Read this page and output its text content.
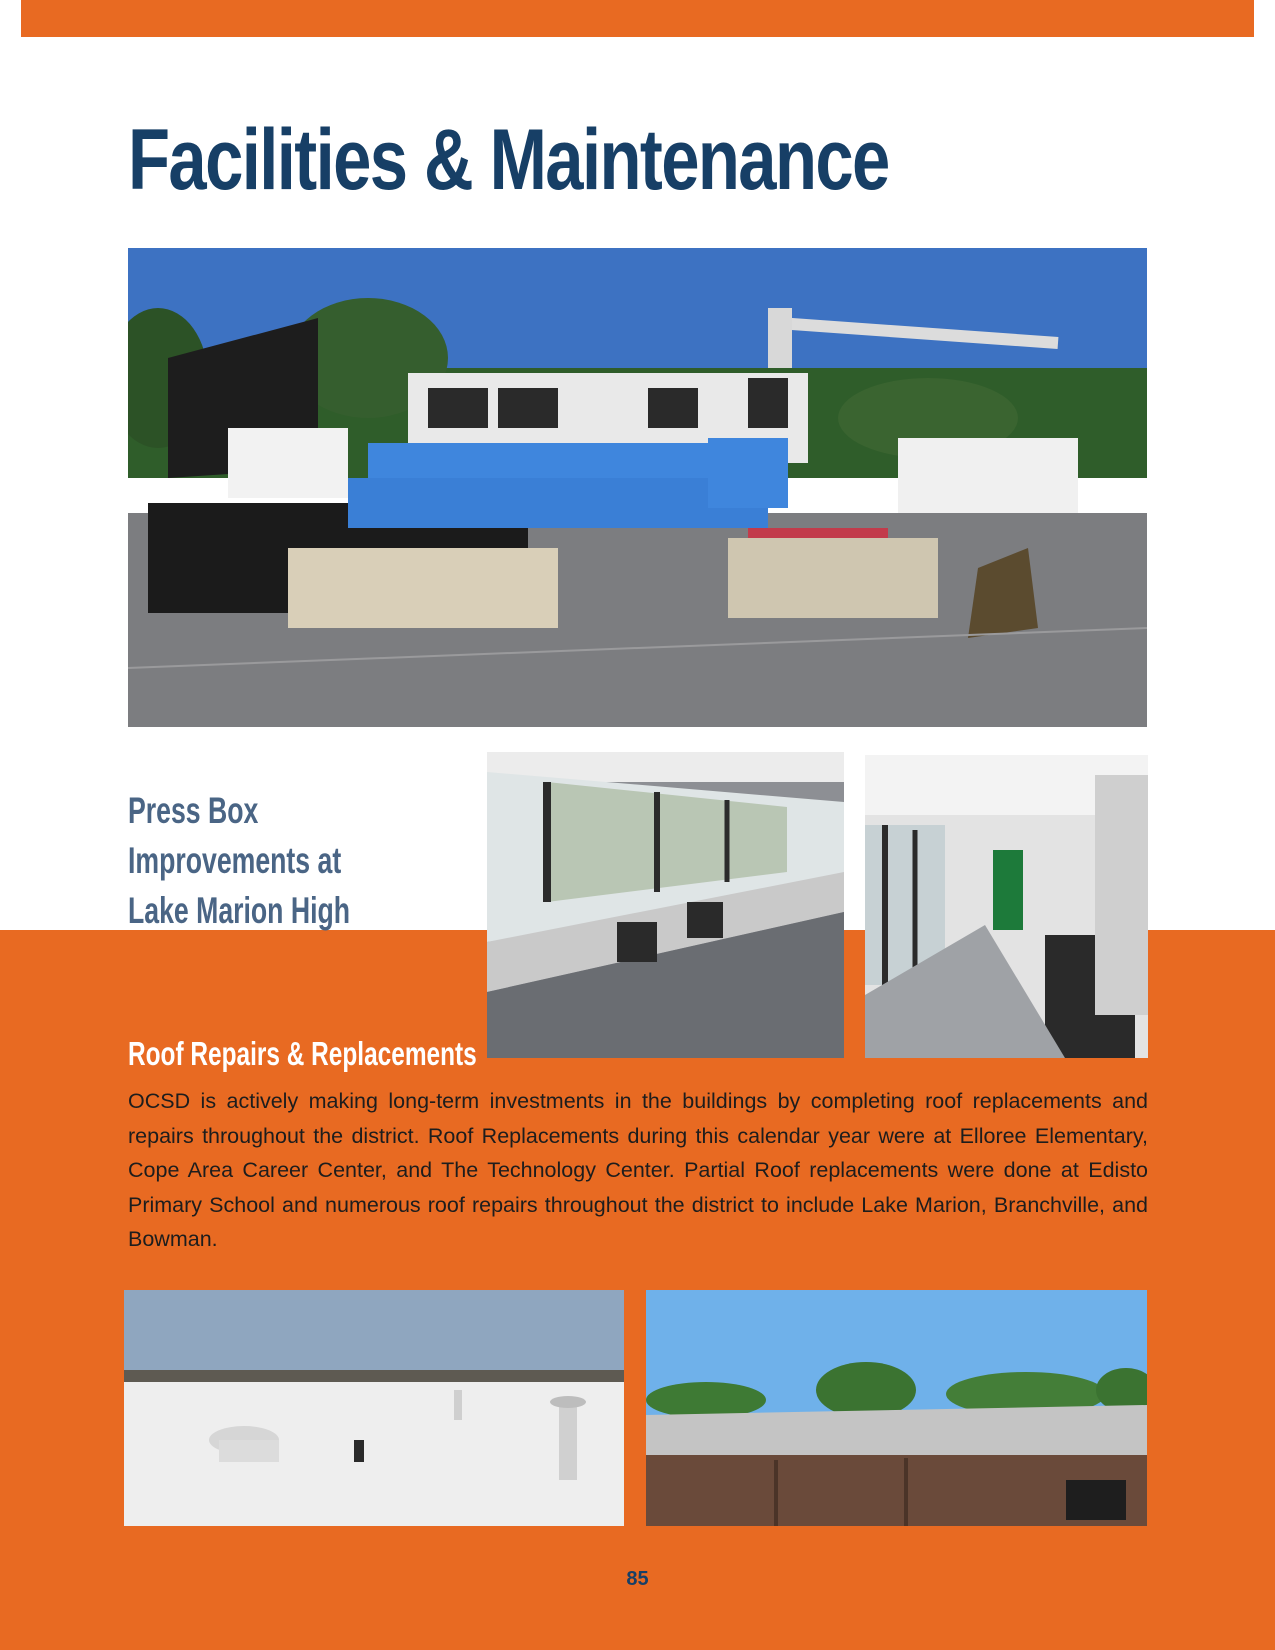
Facilities & Maintenance
Press Box Improvements at
Lake Marion High
Roof Repairs & Replacements

OCSD is actively making long-term investments in the buildings by completing roof replacements and repairs throughout the district. Roof Replacements during this calendar year were at Elloree Elementary, Cope Area Career Center, and The Technology Center. Partial Roof replacements were done at Edisto Primary School and numerous roof repairs throughout the district to include Lake Marion, Branchville, and Bowman.

85
